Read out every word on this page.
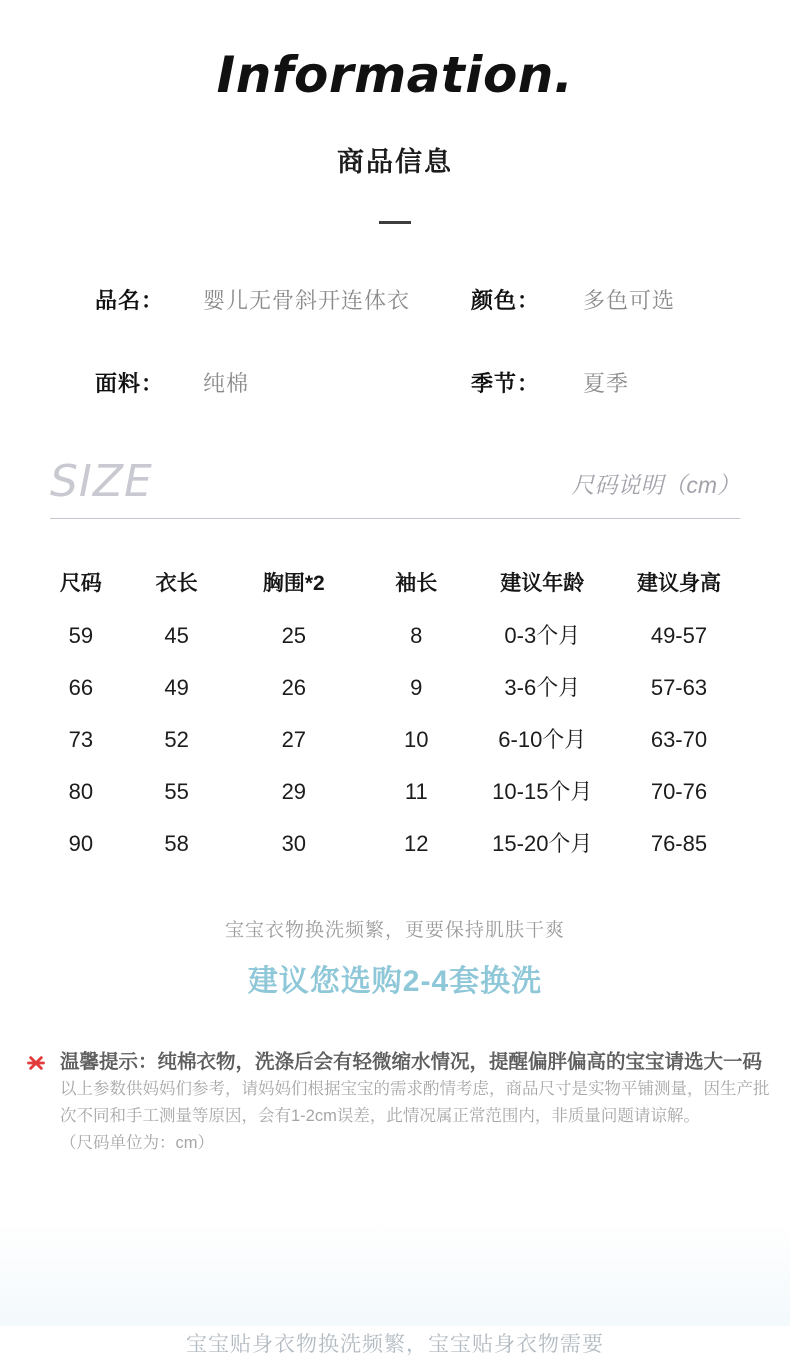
Information.
商品信息
品名：	婴儿无骨斜开连体衣	颜色：	多色可选
面料：	纯棉	季节：	夏季
SIZE	尺码说明（cm）
尺码	衣长	胸围*2	袖长	建议年龄	建议身高
59	45	25	8	0-3个月	49-57
66	49	26	9	3-6个月	57-63
73	52	27	10	6-10个月	63-70
80	55	29	11	10-15个月	70-76
90	58	30	12	15-20个月	76-85

宝宝衣物换洗频繁，更要保持肌肤干爽

建议您选购2-4套换洗

温馨提示：纯棉衣物，洗涤后会有轻微缩水情况，提醒偏胖偏高的宝宝请选大一码

以上参数供妈妈们参考，请妈妈们根据宝宝的需求酌情考虑，商品尺寸是实物平铺测量，因生产批

次不同和手工测量等原因，会有1-2cm误差，此情况属正常范围内，非质量问题请谅解。

（尺码单位为：cm）

宝宝贴身衣物换洗频繁，宝宝贴身衣物需要
